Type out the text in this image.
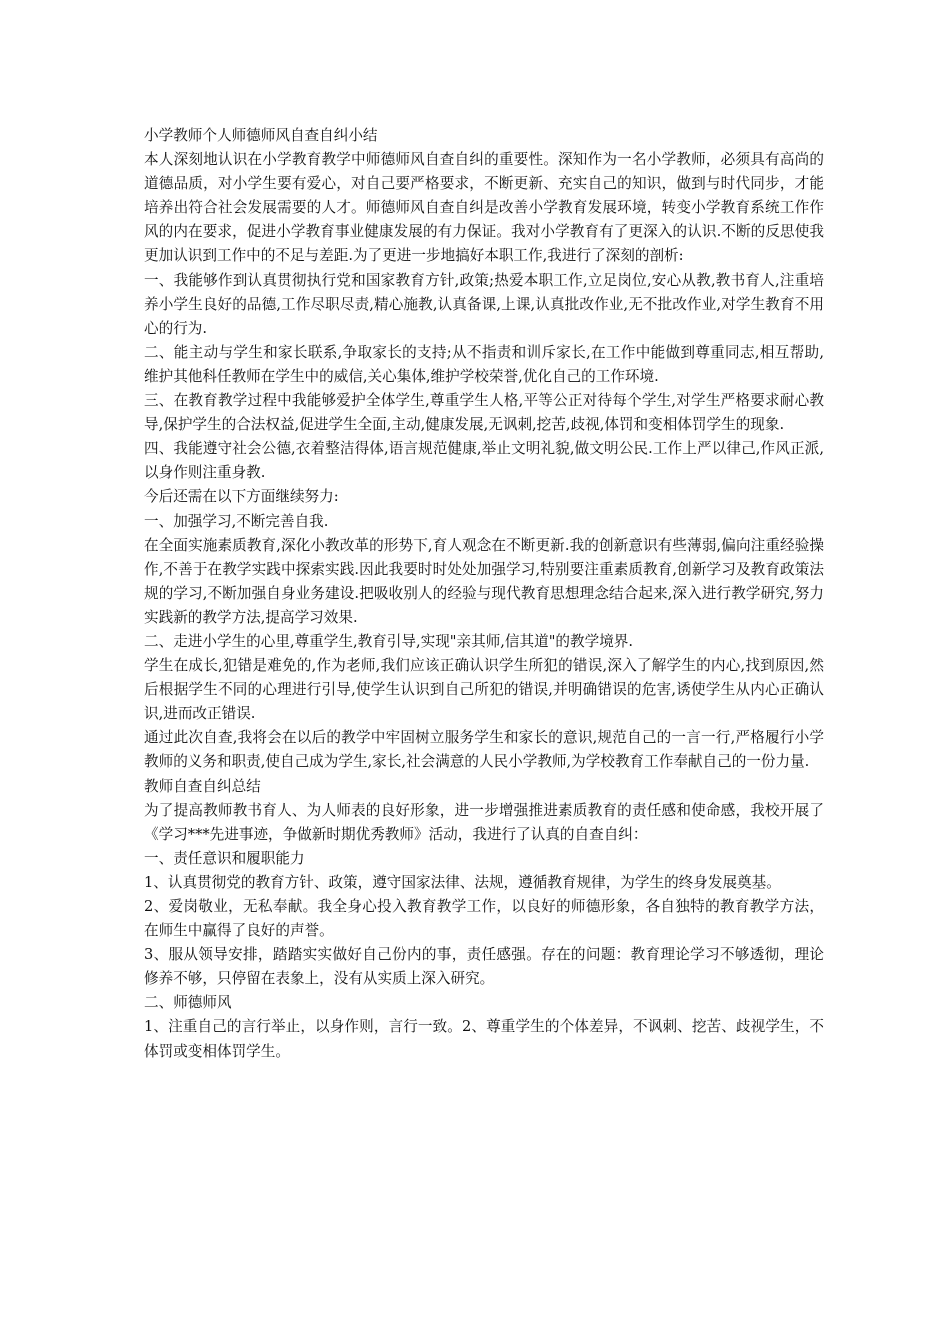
小学教师个人师德师风自查自纠小结

本人深刻地认识在小学教育教学中师德师风自查自纠的重要性。深知作为一名小学教师，必须具有高尚的道德品质，对小学生要有爱心，对自己要严格要求，不断更新、充实自己的知识，做到与时代同步，才能培养出符合社会发展需要的人才。师德师风自查自纠是改善小学教育发展环境，转变小学教育系统工作作风的内在要求，促进小学教育事业健康发展的有力保证。我对小学教育有了更深入的认识.不断的反思使我更加认识到工作中的不足与差距.为了更进一步地搞好本职工作,我进行了深刻的剖析:

一、我能够作到认真贯彻执行党和国家教育方针,政策;热爱本职工作,立足岗位,安心从教,教书育人,注重培养小学生良好的品德,工作尽职尽责,精心施教,认真备课,上课,认真批改作业,无不批改作业,对学生教育不用心的行为.

二、能主动与学生和家长联系,争取家长的支持;从不指责和训斥家长,在工作中能做到尊重同志,相互帮助,维护其他科任教师在学生中的威信,关心集体,维护学校荣誉,优化自己的工作环境.

三、在教育教学过程中我能够爱护全体学生,尊重学生人格,平等公正对待每个学生,对学生严格要求耐心教导,保护学生的合法权益,促进学生全面,主动,健康发展,无讽刺,挖苦,歧视,体罚和变相体罚学生的现象.

四、我能遵守社会公德,衣着整洁得体,语言规范健康,举止文明礼貌,做文明公民.工作上严以律己,作风正派,以身作则注重身教.

今后还需在以下方面继续努力:

一、加强学习,不断完善自我.

在全面实施素质教育,深化小教改革的形势下,育人观念在不断更新.我的创新意识有些薄弱,偏向注重经验操作,不善于在教学实践中探索实践.因此我要时时处处加强学习,特别要注重素质教育,创新学习及教育政策法规的学习,不断加强自身业务建设.把吸收别人的经验与现代教育思想理念结合起来,深入进行教学研究,努力实践新的教学方法,提高学习效果.

二、走进小学生的心里,尊重学生,教育引导,实现"亲其师,信其道"的教学境界.

学生在成长,犯错是难免的,作为老师,我们应该正确认识学生所犯的错误,深入了解学生的内心,找到原因,然后根据学生不同的心理进行引导,使学生认识到自己所犯的错误,并明确错误的危害,诱使学生从内心正确认识,进而改正错误.

通过此次自查,我将会在以后的教学中牢固树立服务学生和家长的意识,规范自己的一言一行,严格履行小学教师的义务和职责,使自己成为学生,家长,社会满意的人民小学教师,为学校教育工作奉献自己的一份力量.

教师自查自纠总结

为了提高教师教书育人、为人师表的良好形象，进一步增强推进素质教育的责任感和使命感，我校开展了《学习***先进事迹，争做新时期优秀教师》活动，我进行了认真的自查自纠：

一、责任意识和履职能力

1、认真贯彻党的教育方针、政策，遵守国家法律、法规，遵循教育规律，为学生的终身发展奠基。

2、爱岗敬业，无私奉献。我全身心投入教育教学工作，以良好的师德形象，各自独特的教育教学方法，在师生中赢得了良好的声誉。

3、服从领导安排，踏踏实实做好自己份内的事，责任感强。存在的问题：教育理论学习不够透彻，理论修养不够，只停留在表象上，没有从实质上深入研究。

二、师德师风

1、注重自己的言行举止，以身作则，言行一致。2、尊重学生的个体差异，不讽刺、挖苦、歧视学生，不体罚或变相体罚学生。
